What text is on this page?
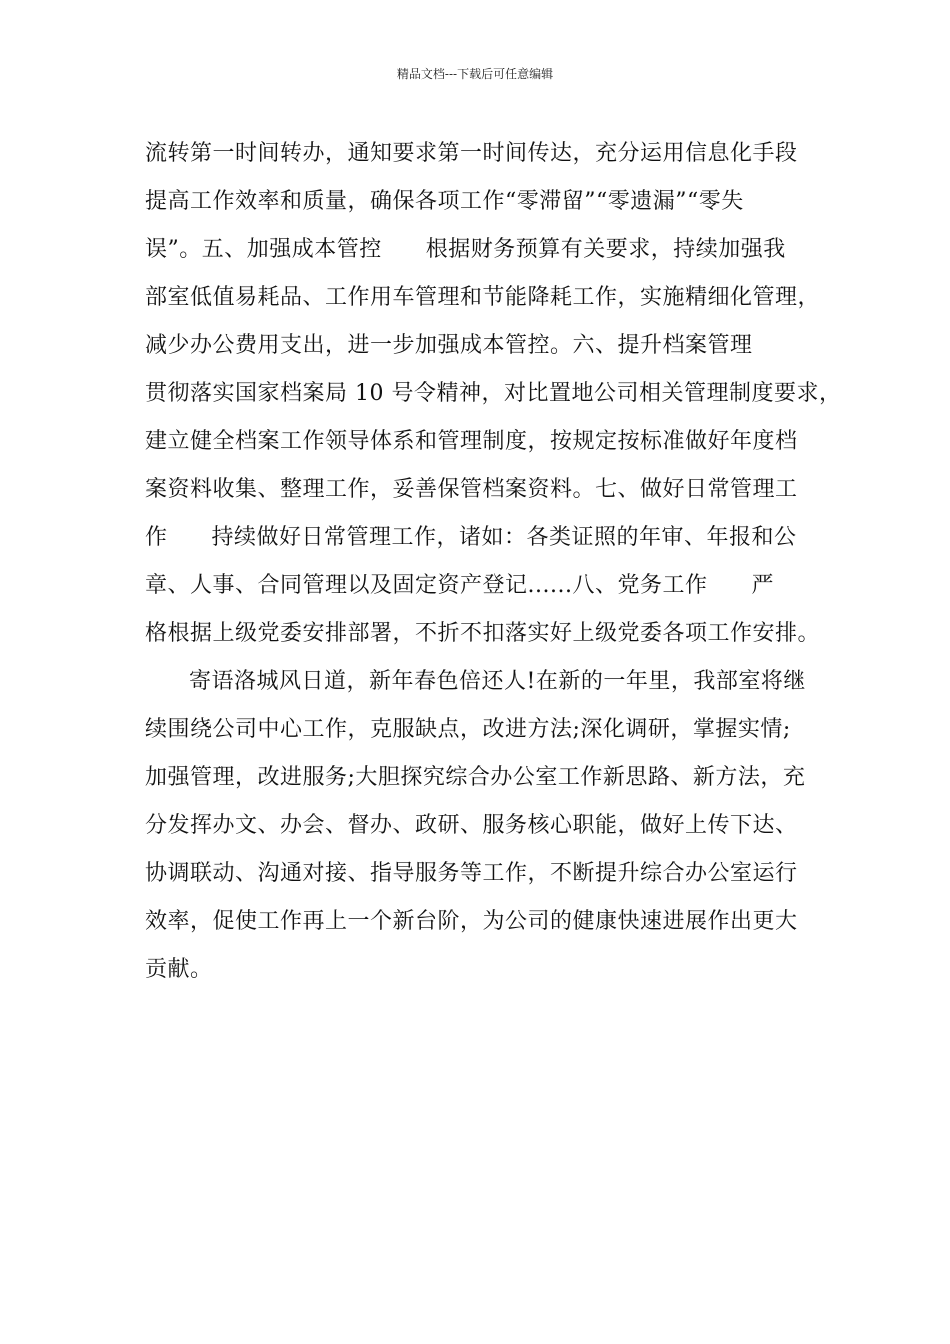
精品文档---下载后可任意编辑
流转第一时间转办，通知要求第一时间传达，充分运用信息化手段
提高工作效率和质量，确保各项工作“零滞留”“零遗漏”“零失
误”。五、加强成本管控 根据财务预算有关要求，持续加强我
部室低值易耗品、工作用车管理和节能降耗工作，实施精细化管理，
减少办公费用支出，进一步加强成本管控。六、提升档案管理
贯彻落实国家档案局 10 号令精神，对比置地公司相关管理制度要求，
建立健全档案工作领导体系和管理制度，按规定按标准做好年度档
案资料收集、整理工作，妥善保管档案资料。七、做好日常管理工
作 持续做好日常管理工作，诸如：各类证照的年审、年报和公
章、人事、合同管理以及固定资产登记......八、党务工作 严
格根据上级党委安排部署，不折不扣落实好上级党委各项工作安排。
寄语洛城风日道，新年春色倍还人!在新的一年里，我部室将继
续围绕公司中心工作，克服缺点，改进方法;深化调研，掌握实情;
加强管理，改进服务;大胆探究综合办公室工作新思路、新方法，充
分发挥办文、办会、督办、政研、服务核心职能，做好上传下达、
协调联动、沟通对接、指导服务等工作，不断提升综合办公室运行
效率，促使工作再上一个新台阶，为公司的健康快速进展作出更大
贡献。
